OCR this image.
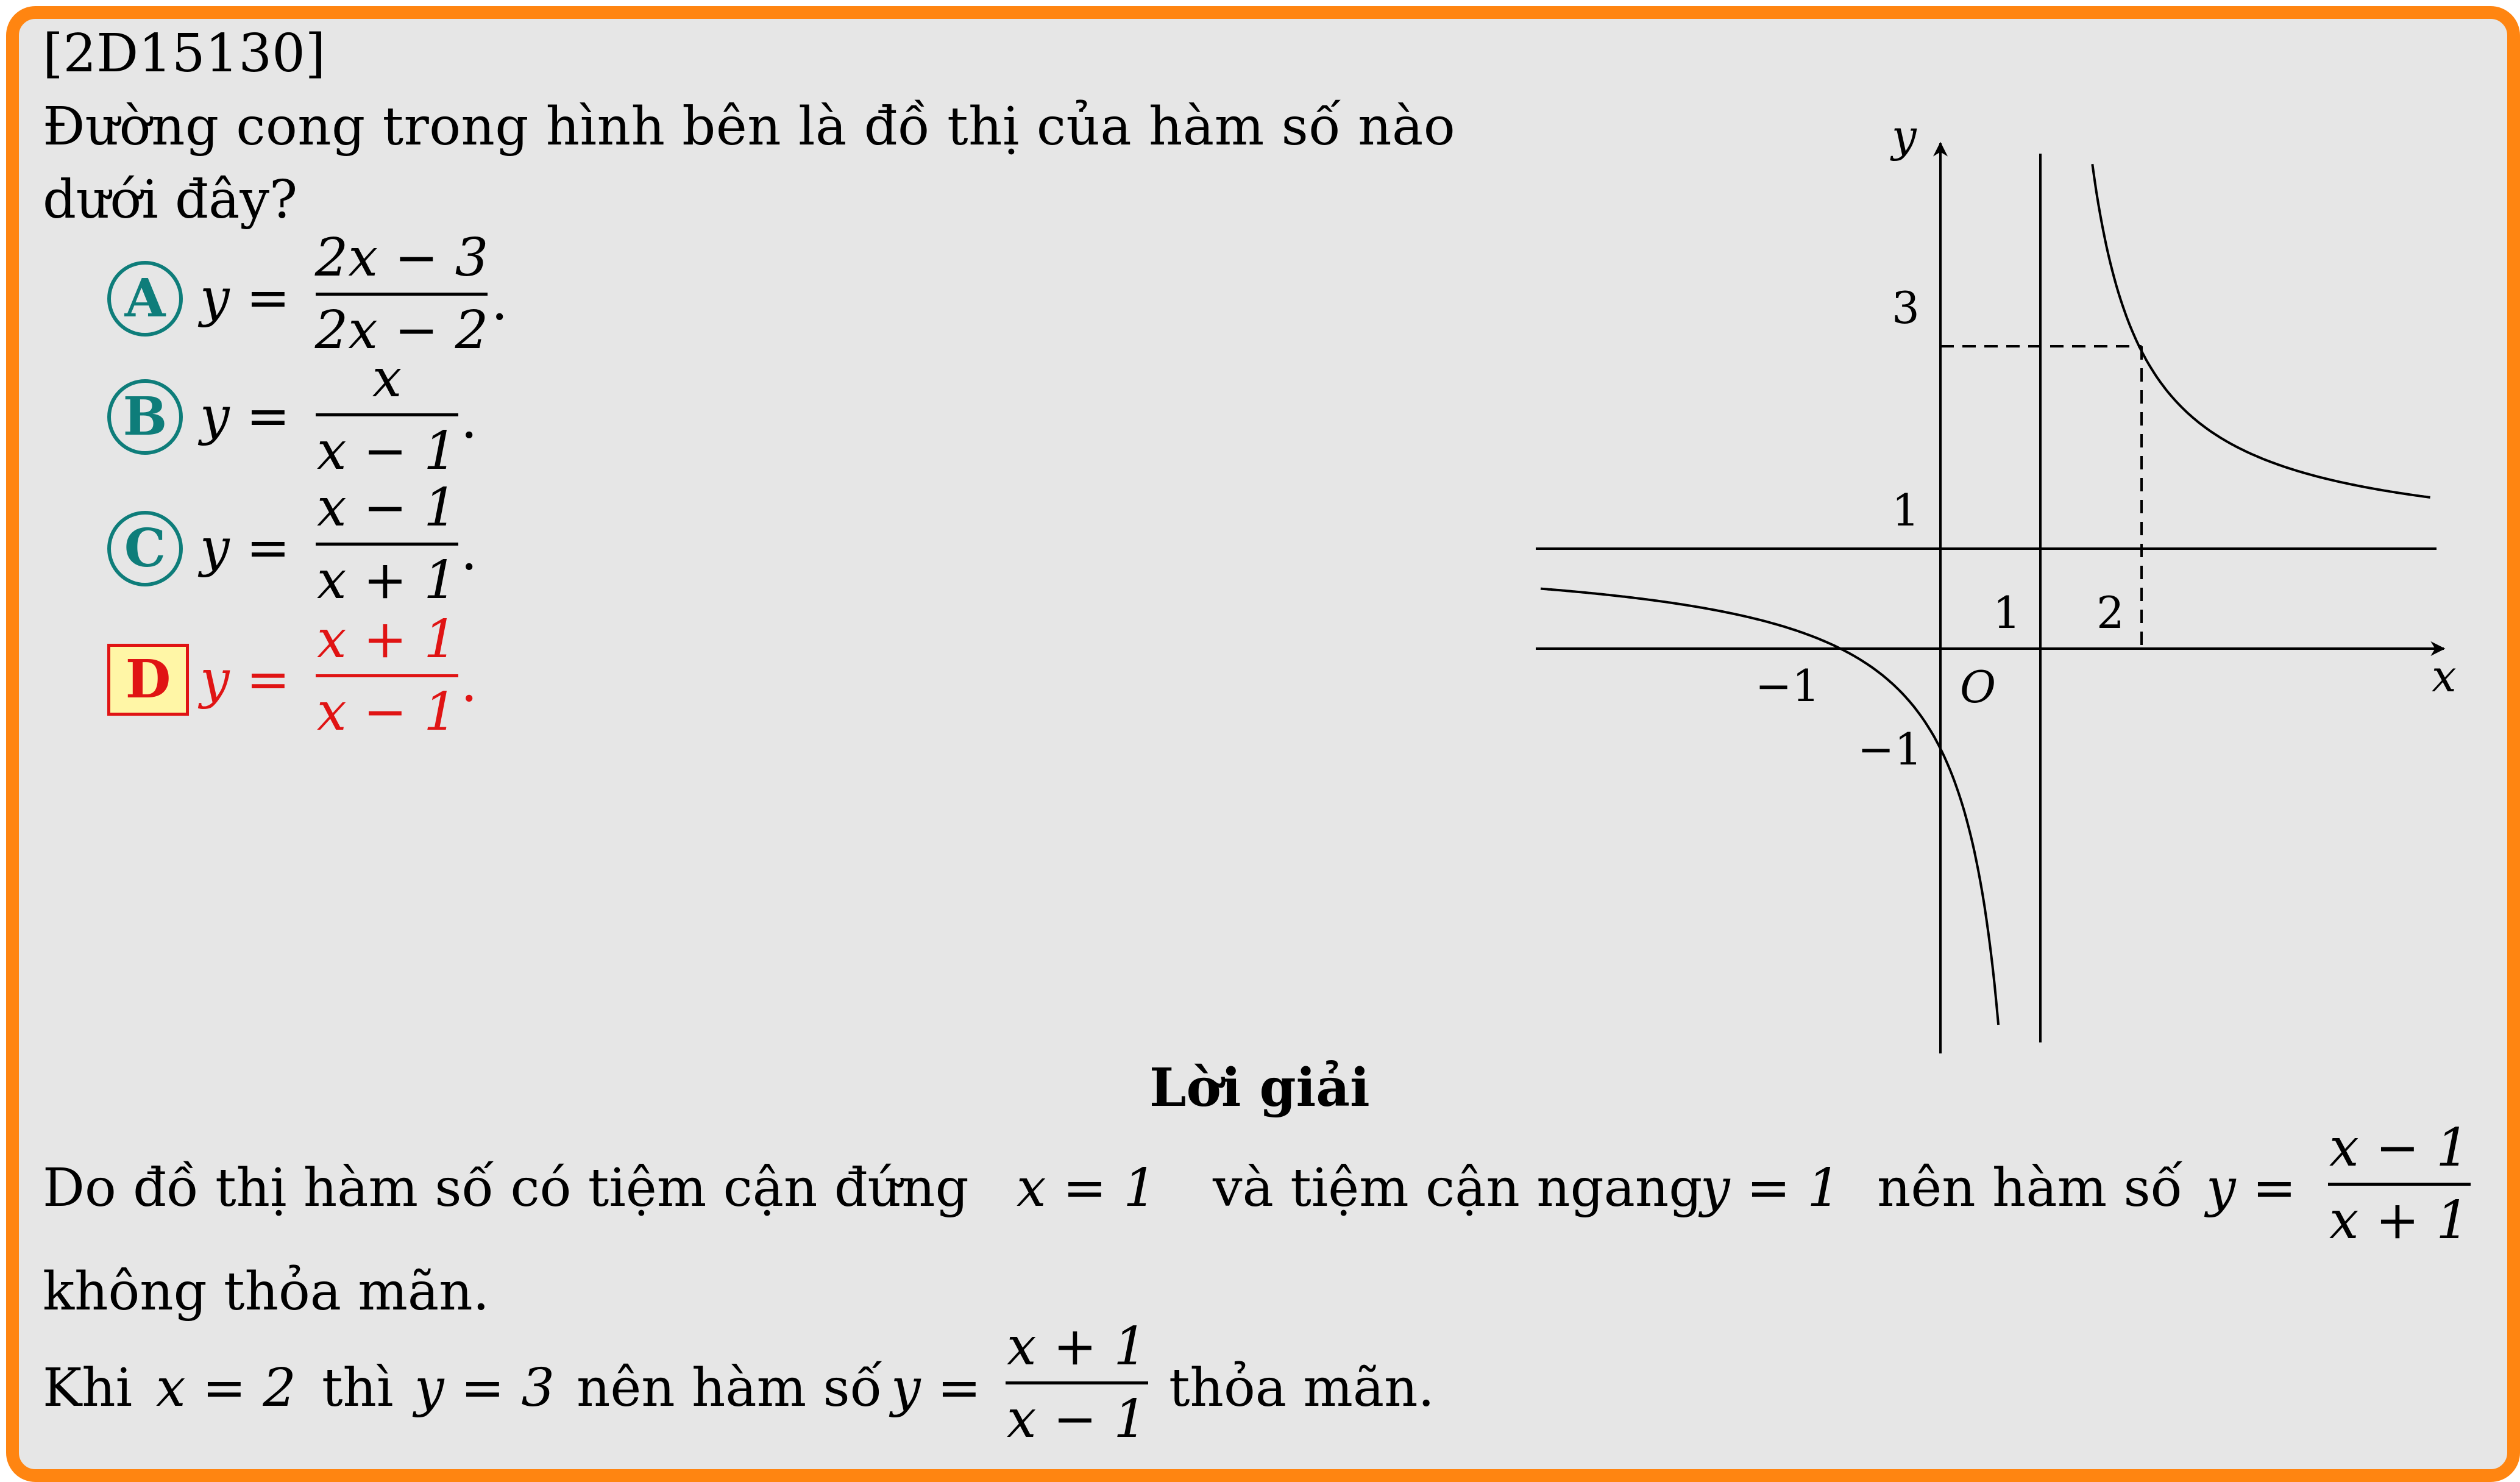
[2D15130]
Đường cong trong hình bên là đồ thị của hàm số nào
dưới đây?
A y =
2x − 3
2x − 2 .
B y =
x
x − 1
.
C y =
x − 1
x + 1 .
D y =
x + 1
x − 1 .	x
y
O
−1
1 2
3
1
−1
Lời giải
Do đồ thị hàm số có tiệm cận đứng x = 1 và tiệm cận ngang
y = 1 nên hàm số y =
x − 1
x + 1
không thỏa mãn.
Khi x = 2 thì y = 3 nên hàm số y =
x + 1
x − 1
thỏa mãn.
